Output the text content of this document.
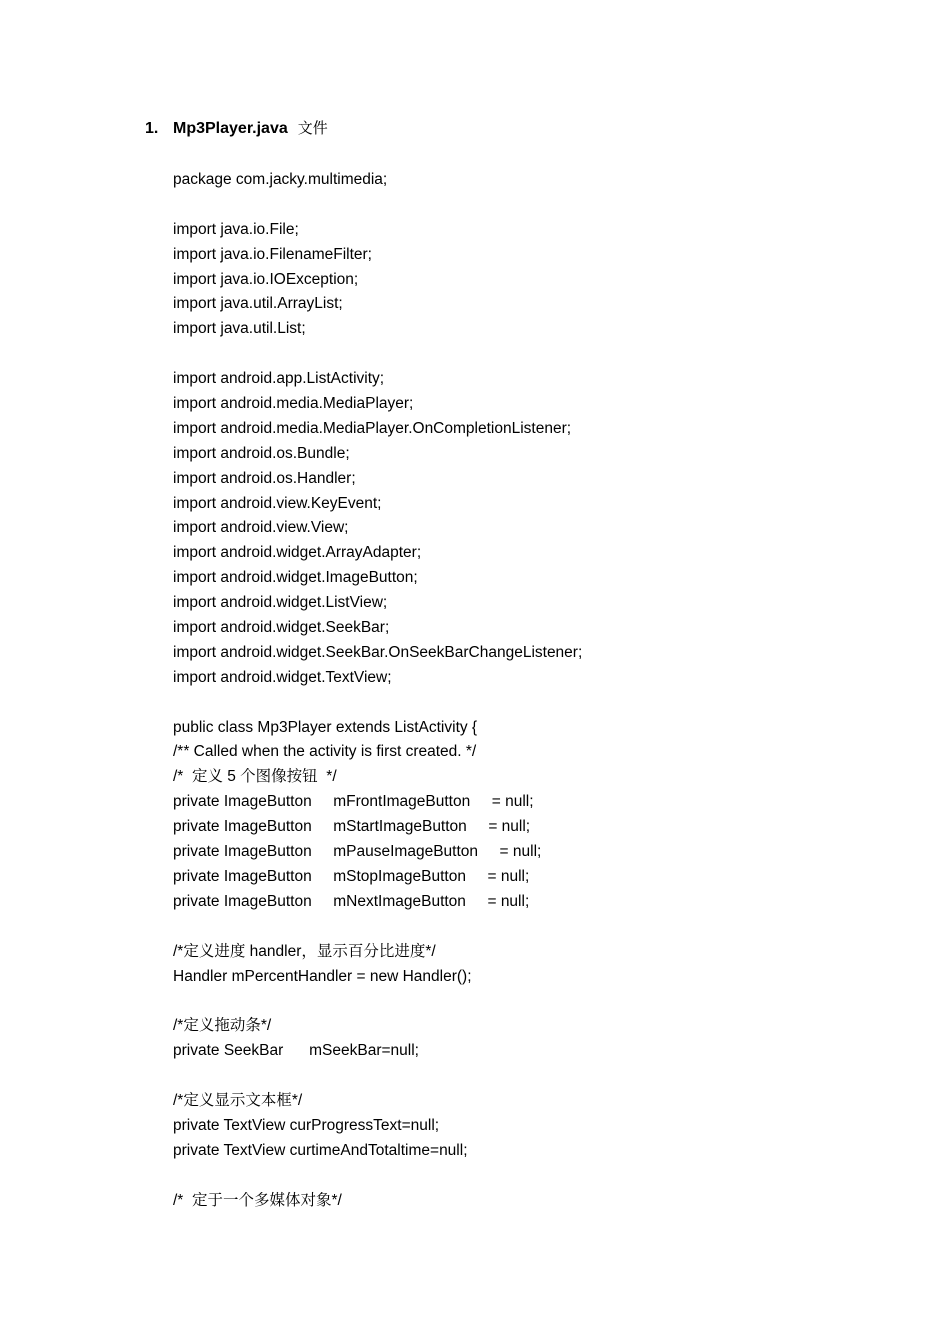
1. Mp3Player.java 文件
package com.jacky.multimedia;
import java.io.File;
import java.io.FilenameFilter;
import java.io.IOException;
import java.util.ArrayList;
import java.util.List;
import android.app.ListActivity;
import android.media.MediaPlayer;
import android.media.MediaPlayer.OnCompletionListener;
import android.os.Bundle;
import android.os.Handler;
import android.view.KeyEvent;
import android.view.View;
import android.widget.ArrayAdapter;
import android.widget.ImageButton;
import android.widget.ListView;
import android.widget.SeekBar;
import android.widget.SeekBar.OnSeekBarChangeListener;
import android.widget.TextView;
public class Mp3Player extends ListActivity {
/** Called when the activity is first created. */
/*  定义 5 个图像按钮  */
private ImageButton     mFrontImageButton     = null;
private ImageButton     mStartImageButton     = null;
private ImageButton     mPauseImageButton     = null;
private ImageButton     mStopImageButton     = null;
private ImageButton     mNextImageButton     = null;
/*定义进度 handler，显示百分比进度*/
Handler mPercentHandler = new Handler();
/*定义拖动条*/
private SeekBar      mSeekBar=null;
/*定义显示文本框*/
private TextView curProgressText=null;
private TextView curtimeAndTotaltime=null;
/*  定于一个多媒体对象*/
